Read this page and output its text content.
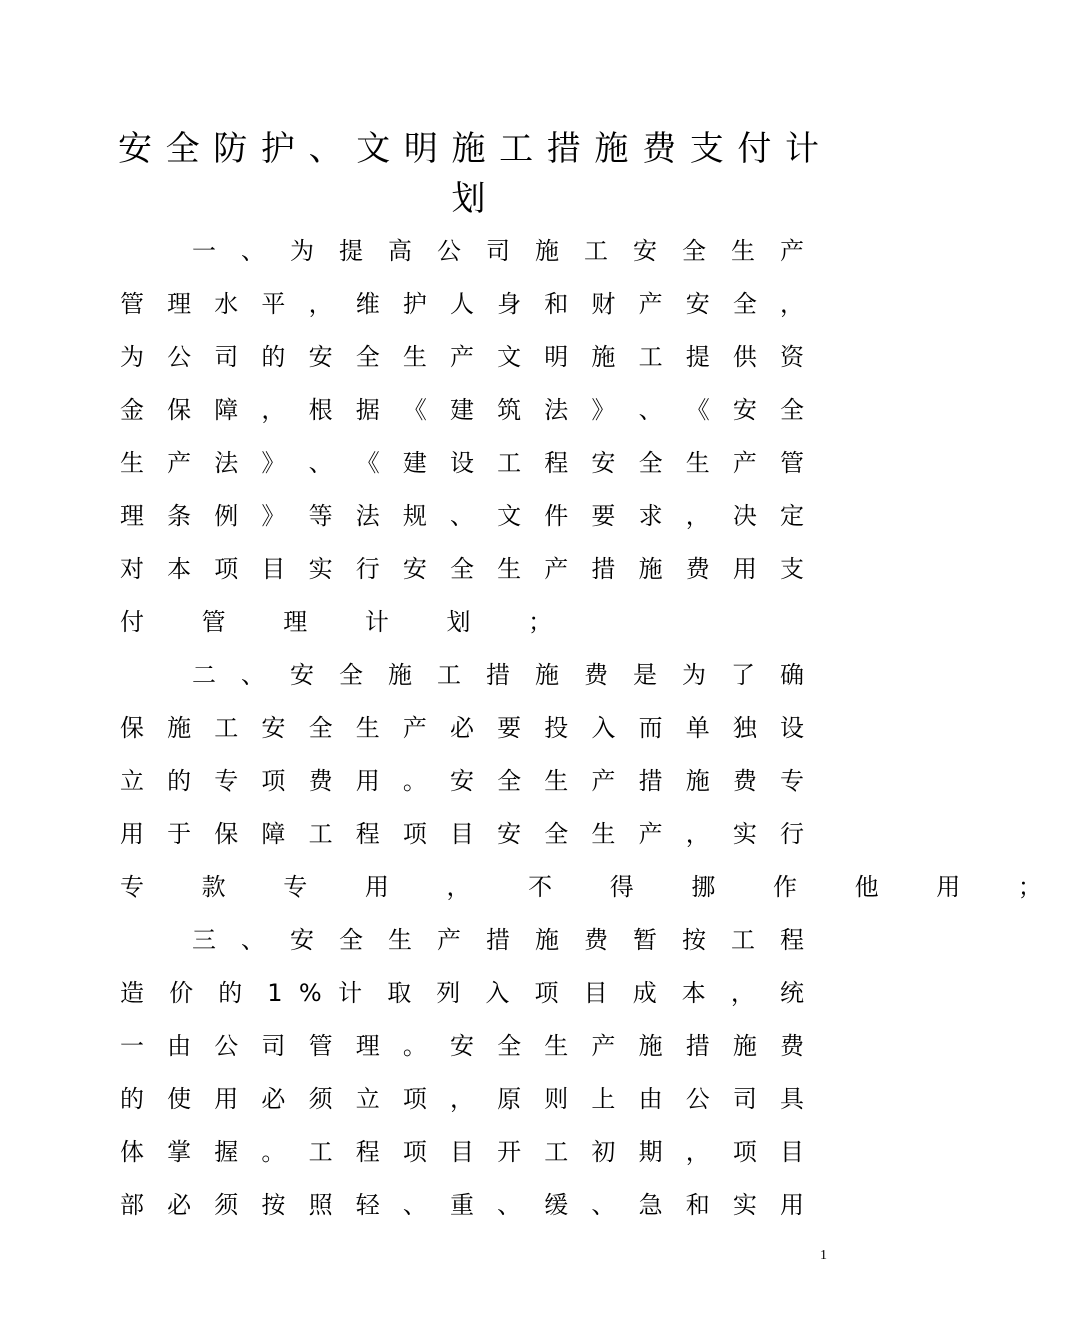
安全防护、文明施工措施费支付计划
一 、 为 提 高 公 司 施 工 安 全 生 产
管 理 水 平 ， 维 护 人 身 和 财 产 安 全 ，
为 公 司 的 安 全 生 产 文 明 施 工 提 供 资
金 保 障 ， 根 据 《 建 筑 法 》 、 《 安 全
生 产 法 》 、 《 建 设 工 程 安 全 生 产 管
理 条 例 》 等 法 规 、 文 件 要 求 ， 决 定
对 本 项 目 实 行 安 全 生 产 措 施 费 用 支
付 管 理 计 划 ；
二 、 安 全 施 工 措 施 费 是 为 了 确
保 施 工 安 全 生 产 必 要 投 入 而 单 独 设
立 的 专 项 费 用 。 安 全 生 产 措 施 费 专
用 于 保 障 工 程 项 目 安 全 生 产 ， 实 行
专 款 专 用 ， 不 得 挪 作 他 用 ；
三 、 安 全 生 产 措 施 费 暂 按 工 程
造 价 的 1 % 计 取 列 入 项 目 成 本 ， 统
一 由 公 司 管 理 。 安 全 生 产 施 措 施 费
的 使 用 必 须 立 项 ， 原 则 上 由 公 司 具
体 掌 握 。 工 程 项 目 开 工 初 期 ， 项 目
部 必 须 按 照 轻 、 重 、 缓 、 急 和 实 用
1
